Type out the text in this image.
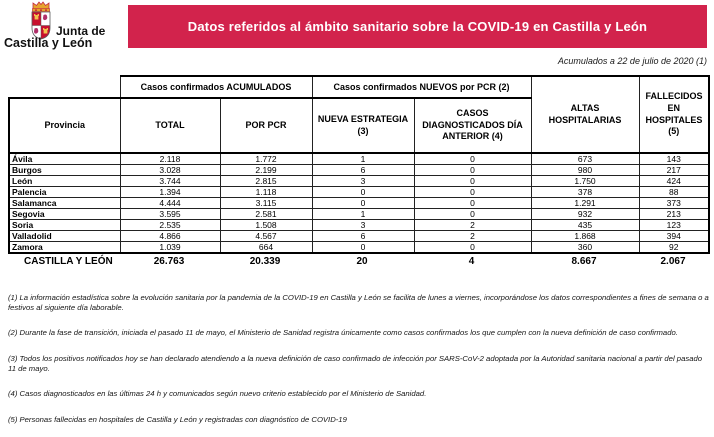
Junta de
Castilla y León
Datos referidos al ámbito sanitario sobre la COVID-19 en Castilla y León
Acumulados a 22 de julio de 2020 (1)
	Casos confirmados ACUMULADOS		Casos confirmados NUEVOS por PCR (2)		ALTAS HOSPITALARIAS	FALLECIDOS EN HOSPITALES (5)
Provincia	TOTAL	POR PCR	NUEVA ESTRATEGIA (3)	CASOS DIAGNOSTICADOS DÍA ANTERIOR (4)		
Ávila	2.118	1.772	1	0	673	143
Burgos	3.028	2.199	6	0	980	217
León	3.744	2.815	3	0	1.750	424
Palencia	1.394	1.118	0	0	378	88
Salamanca	4.444	3.115	0	0	1.291	373
Segovia	3.595	2.581	1	0	932	213
Soria	2.535	1.508	3	2	435	123
Valladolid	4.866	4.567	6	2	1.868	394
Zamora	1.039	664	0	0	360	92
CASTILLA Y LEÓN	26.763	20.339	20	4	8.667	2.067

(1) La información estadística sobre la evolución sanitaria por la pandemia de la COVID-19 en Castilla y León se facilita de lunes a viernes, incorporándose los datos correspondientes a fines de semana o a festivos al siguiente día laborable.

(2) Durante la fase de transición, iniciada el pasado 11 de mayo, el Ministerio de Sanidad registra únicamente como casos confirmados los que cumplen con la nueva definición de caso confirmado.

(3) Todos los positivos notificados hoy se han declarado atendiendo a la nueva definición de caso confirmado de infección por SARS-CoV-2 adoptada por la Autoridad sanitaria nacional a partir del pasado 11 de mayo.

(4) Casos diagnosticados en las últimas 24 h y comunicados según nuevo criterio establecido por el Ministerio de Sanidad.

(5) Personas fallecidas en hospitales de Castilla y León y registradas con diagnóstico de COVID-19
